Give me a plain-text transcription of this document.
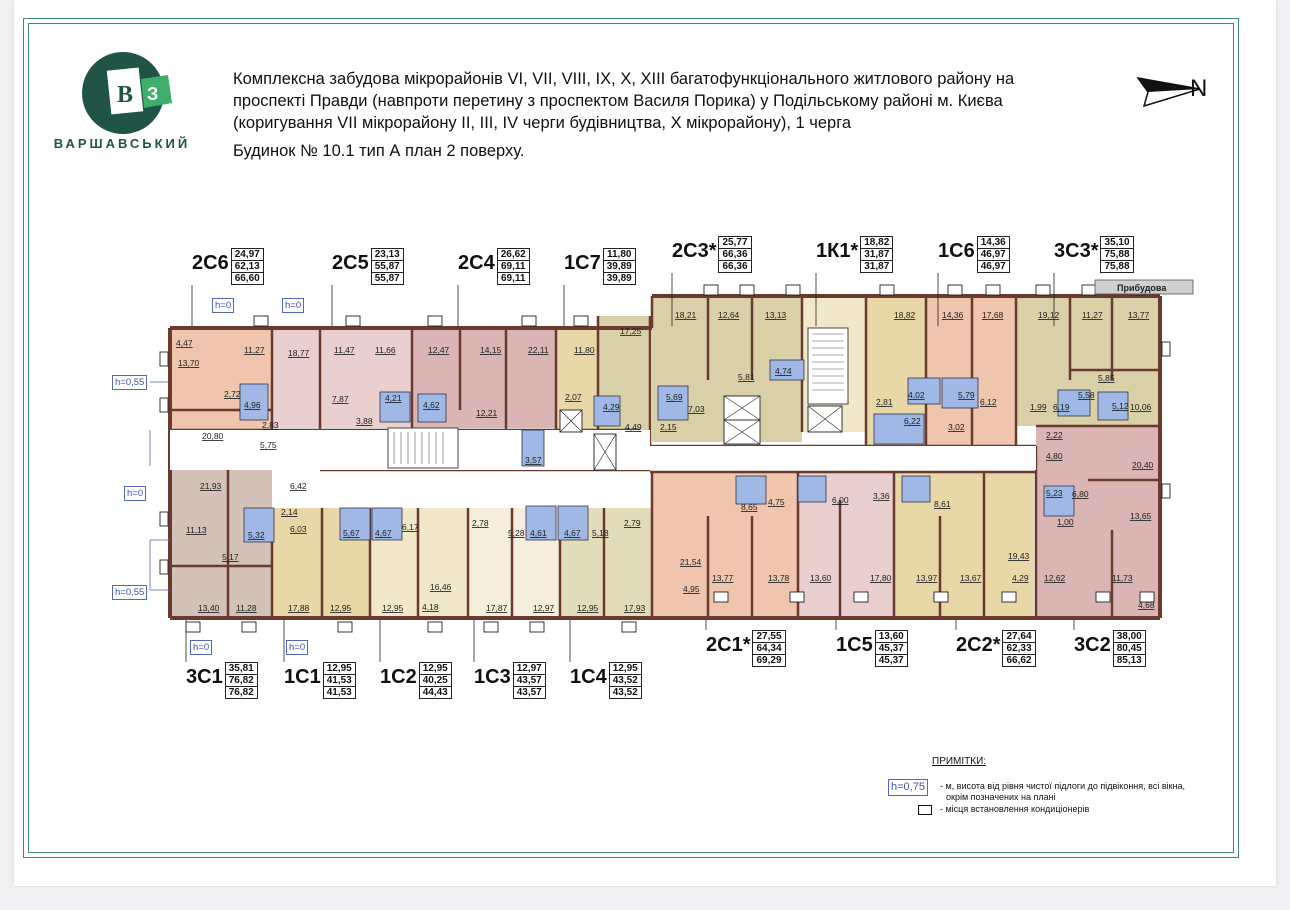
В З
ВАРШАВСЬКИЙ
Комплексна забудова мікрорайонів VI, VII, VIII, IX, X, XIII багатофункціонального житлового району на
проспекті Правди (навпроти перетину з проспектом Василя Порика) у Подільському районі м. Києва
(коригування VII мікрорайону II, III, IV черги будівництва, X мікрорайону), 1 черга
Будинок № 10.1 тип А план 2 поверху.
N
4,47
13,70
11,27
2,72
4,96
2,83
20,80
5,75
18,77	11,47 11,66
7,87	4,21
3,88
12,47	14,15	22,11
4,62
12,21
11,80
2,07
4,29
3,57
17,25
4,49
18,21	12,64	13,13
5,81
4,74
7,03
5,69
2,15
18,82
2,81
4,02
14,36 17,68
5,79
6,22
3,02
6,12
19,12	11,27	13,77
5,85
1,99 6,19
5,58
5,12 10,06
2,22
4,80
20,40
5,23 6,80
1,00
13,65
21,93	6,42
11,13
2,14
6,03	5,67 4,67
6,17
5,32
5,17
2,78
5,28 4,61 4,67 5,18
2,79
16,46
4,18
13,40 11,28	17,88 12,95	12,95	17,87	12,97	12,95	17,93
21,54
8,65 4,75	6,00	3,36
8,61
19,43
4,95
13,77	13,78 13,60	17,80	13,97	13,67	4,29 12,62	11,73
4,68
Прибудова
2С6 24,97
62,13
66,60
2С5 23,13
55,87
55,87
2С4 26,62
69,11
69,11
1С7 11,80
39,89
39,89
2С3* 25,77
66,36
66,36
1К1* 18,82
31,87
31,87
1С6 14,36
46,97
46,97
3С3* 35,10
75,88
75,88
3С1 35,81
76,82
76,82
1С1 12,95
41,53
41,53
1С2 12,95
40,25
44,43
1С3 12,97
43,57
43,57
1С4 12,95
43,52
43,52
2С1* 27,55
64,34
69,29
1С5 13,60
45,37
45,37
2С2* 27,64
62,33
66,62
3С2 38,00
80,45
85,13
h=0	h=0
h=0,55
h=0
h=0,55
h=0	h=0
ПРИМІТКИ:
h=0,75	- м, висота від рівня чистої підлоги до підвіконня, всі вікна,
окрім позначених на плані
- місця встановлення кондиціонерів
